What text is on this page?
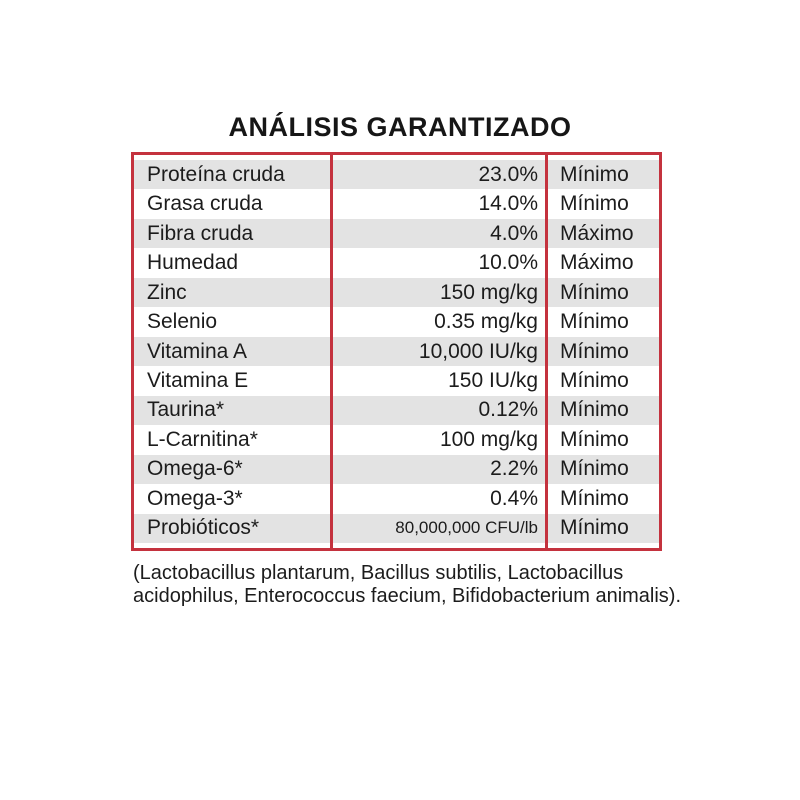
ANÁLISIS GARANTIZADO
Proteína cruda	23.0%	Mínimo
Grasa cruda	14.0%	Mínimo
Fibra cruda	4.0%	Máximo
Humedad	10.0%	Máximo
Zinc	150 mg/kg	Mínimo
Selenio	0.35 mg/kg	Mínimo
Vitamina A	10,000 IU/kg	Mínimo
Vitamina E	150 IU/kg	Mínimo
Taurina*	0.12%	Mínimo
L-Carnitina*	100 mg/kg	Mínimo
Omega-6*	2.2%	Mínimo
Omega-3*	0.4%	Mínimo
Probióticos*	80,000,000 CFU/lb	Mínimo
(Lactobacillus plantarum, Bacillus subtilis, Lactobacillus acidophilus, Enterococcus faecium, Bifidobacterium animalis).
